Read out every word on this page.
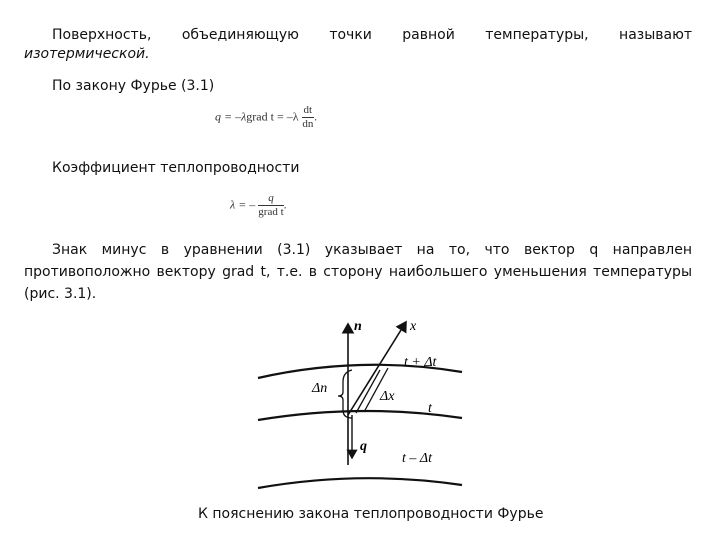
Поверхность, объединяющую точки равной температуры, называют
изотермической.
По закону Фурье (3.1)
q = –λgrad $t = -\lambda \frac{dt}{dn}$ .
Коэффициент теплопроводности
λ = – $\frac{q}{\text{grad t}}$ .
Знак минус в уравнении (3.1) указывает на то, что вектор q направлен
противоположно вектору grad t, т.е. в сторону наибольшего уменьшения температуры
(рис. 3.1).
n	x
t + Δt
t
t – Δt
Δn
Δx
q
К пояснению закона теплопроводности Фурье
